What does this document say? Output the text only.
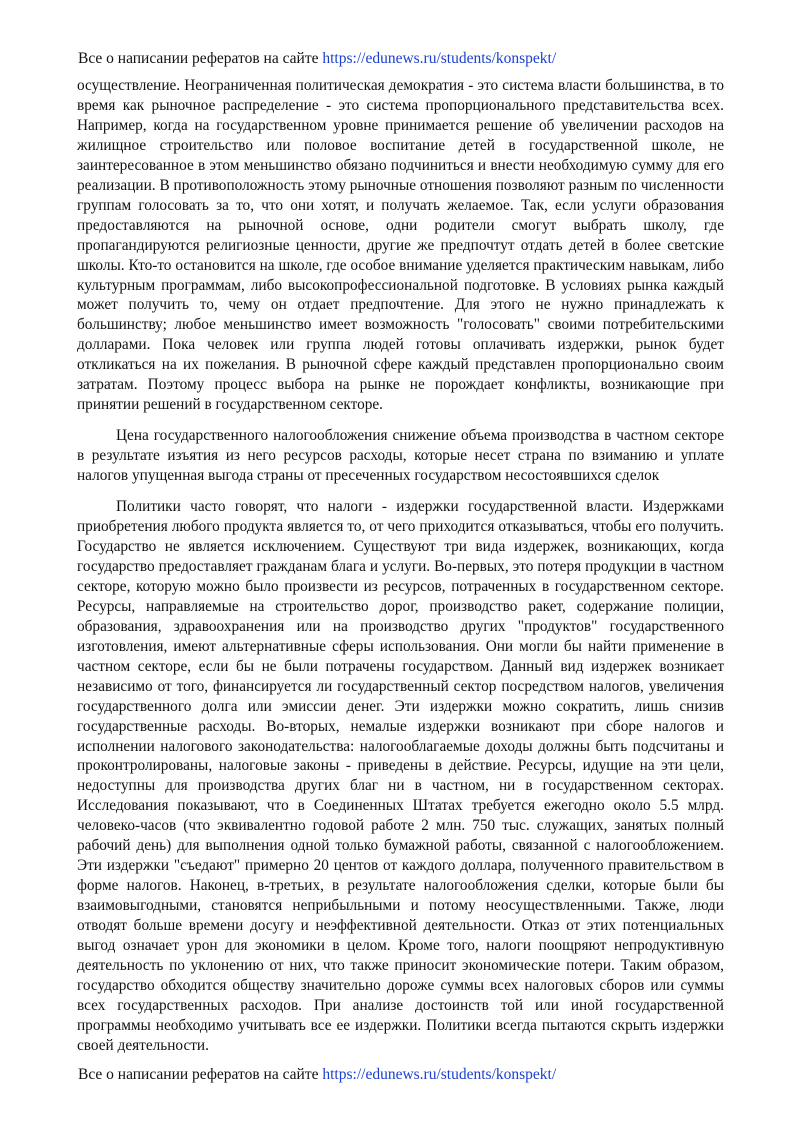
Все о написании рефератов на сайте https://edunews.ru/students/konspekt/

осуществление. Неограниченная политическая демократия - это система власти большинства, в то время как рыночное распределение - это система пропорционального представительства всех. Например, когда на государственном уровне принимается решение об увеличении расходов на жилищное строительство или половое воспитание детей в государственной школе, не заинтересованное в этом меньшинство обязано подчиниться и внести необходимую сумму для его реализации. В противоположность этому рыночные отношения позволяют разным по численности группам голосовать за то, что они хотят, и получать желаемое. Так, если услуги образования предоставляются на рыночной основе, одни родители смогут выбрать школу, где пропагандируются религиозные ценности, другие же предпочтут отдать детей в более светские школы. Кто-то остановится на школе, где особое внимание уделяется практическим навыкам, либо культурным программам, либо высокопрофессиональной подготовке. В условиях рынка каждый может получить то, чему он отдает предпочтение. Для этого не нужно принадлежать к большинству; любое меньшинство имеет возможность "голосовать" своими потребительскими долларами. Пока человек или группа людей готовы оплачивать издержки, рынок будет откликаться на их пожелания. В рыночной сфере каждый представлен пропорционально своим затратам. Поэтому процесс выбора на рынке не порождает конфликты, возникающие при принятии решений в государственном секторе.

Цена государственного налогообложения снижение объема производства в частном секторе в результате изъятия из него ресурсов расходы, которые несет страна по взиманию и уплате налогов упущенная выгода страны от пресеченных государством несостоявшихся сделок

Политики часто говорят, что налоги - издержки государственной власти. Издержками приобретения любого продукта является то, от чего приходится отказываться, чтобы его получить. Государство не является исключением. Существуют три вида издержек, возникающих, когда государство предоставляет гражданам блага и услуги. Во-первых, это потеря продукции в частном секторе, которую можно было произвести из ресурсов, потраченных в государственном секторе. Ресурсы, направляемые на строительство дорог, производство ракет, содержание полиции, образования, здравоохранения или на производство других "продуктов" государственного изготовления, имеют альтернативные сферы использования. Они могли бы найти применение в частном секторе, если бы не были потрачены государством. Данный вид издержек возникает независимо от того, финансируется ли государственный сектор посредством налогов, увеличения государственного долга или эмиссии денег. Эти издержки можно сократить, лишь снизив государственные расходы. Во-вторых, немалые издержки возникают при сборе налогов и исполнении налогового законодательства: налогооблагаемые доходы должны быть подсчитаны и проконтролированы, налоговые законы - приведены в действие. Ресурсы, идущие на эти цели, недоступны для производства других благ ни в частном, ни в государственном секторах. Исследования показывают, что в Соединенных Штатах требуется ежегодно около 5.5 млрд. человеко-часов (что эквивалентно годовой работе 2 млн. 750 тыс. служащих, занятых полный рабочий день) для выполнения одной только бумажной работы, связанной с налогообложением. Эти издержки "съедают" примерно 20 центов от каждого доллара, полученного правительством в форме налогов. Наконец, в-третьих, в результате налогообложения сделки, которые были бы взаимовыгодными, становятся неприбыльными и потому неосуществленными. Также, люди отводят больше времени досугу и неэффективной деятельности. Отказ от этих потенциальных выгод означает урон для экономики в целом. Кроме того, налоги поощряют непродуктивную деятельность по уклонению от них, что также приносит экономические потери. Таким образом, государство обходится обществу значительно дороже суммы всех налоговых сборов или суммы всех государственных расходов. При анализе достоинств той или иной государственной программы необходимо учитывать все ее издержки. Политики всегда пытаются скрыть издержки своей деятельности.

Все о написании рефератов на сайте https://edunews.ru/students/konspekt/
